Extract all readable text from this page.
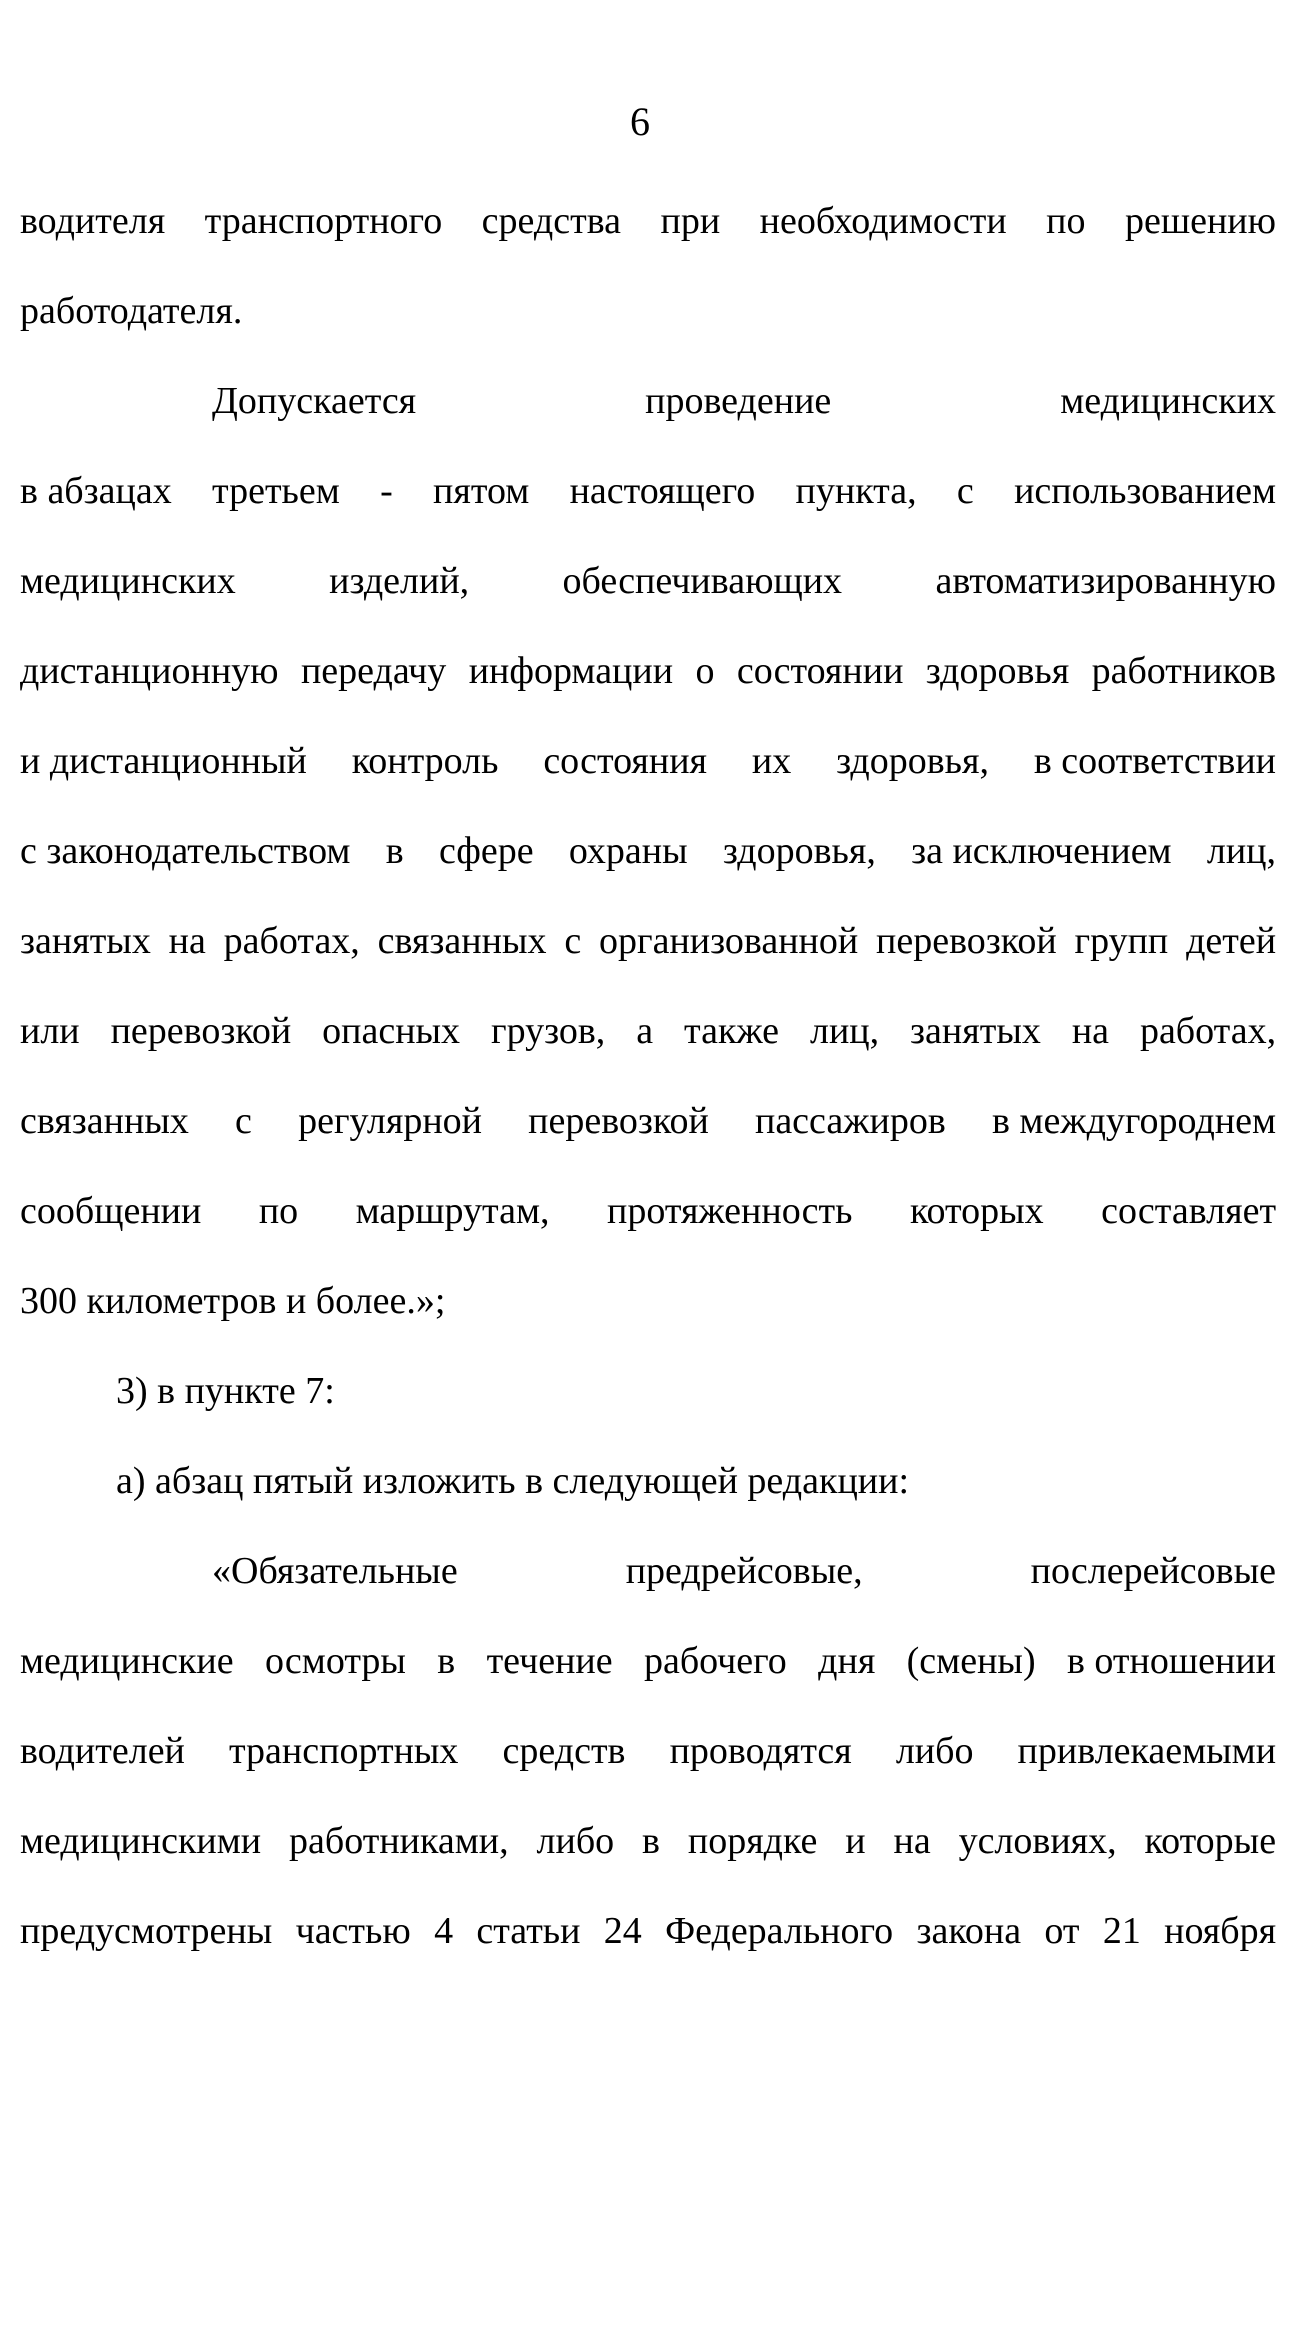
6
водителя транспортного средства при необходимости по решению
работодателя.
Допускается	проведение	медицинских
в абзацах третьем - пятом настоящего пункта, с использованием
медицинских изделий, обеспечивающих автоматизированную
дистанционную передачу информации о состоянии здоровья работников
и дистанционный контроль состояния их здоровья, в соответствии
с законодательством в сфере охраны здоровья, за исключением лиц,
занятых на работах, связанных с организованной перевозкой групп детей
или перевозкой опасных грузов, а также лиц, занятых на работах,
связанных с регулярной перевозкой пассажиров в междугороднем
сообщении по маршрутам, протяженность которых составляет
300 километров и более.»;
3) в пункте 7:
а) абзац пятый изложить в следующей редакции:
«Обязательные	предрейсовые,	послерейсовые
медицинские осмотры в течение рабочего дня (смены) в отношении
водителей транспортных средств проводятся либо привлекаемыми
медицинскими работниками, либо в порядке и на условиях, которые
предусмотрены частью 4 статьи 24 Федерального закона от 21 ноября
